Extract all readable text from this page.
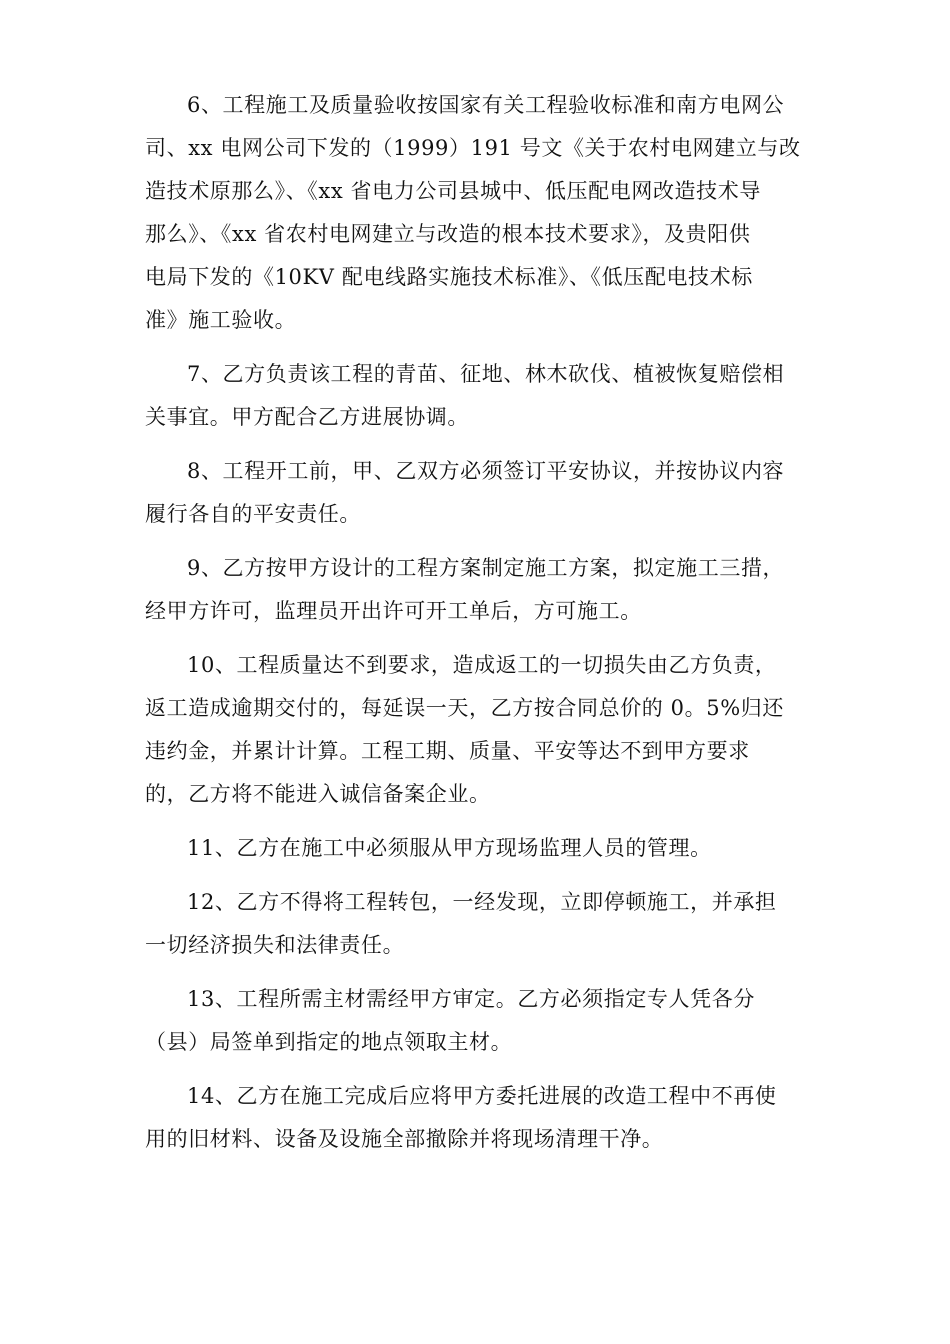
6、工程施工及质量验收按国家有关工程验收标准和南方电网公
司、xx 电网公司下发的（1999）191 号文《关于农村电网建立与改
造技术原那么》、《xx 省电力公司县城中、低压配电网改造技术导
那么》、《xx 省农村电网建立与改造的根本技术要求》，及贵阳供
电局下发的《10KV 配电线路实施技术标准》、《低压配电技术标
准》施工验收。

7、乙方负责该工程的青苗、征地、林木砍伐、植被恢复赔偿相
关事宜。甲方配合乙方进展协调。

8、工程开工前，甲、乙双方必须签订平安协议，并按协议内容
履行各自的平安责任。

9、乙方按甲方设计的工程方案制定施工方案，拟定施工三措，
经甲方许可，监理员开出许可开工单后，方可施工。

10、工程质量达不到要求，造成返工的一切损失由乙方负责，
返工造成逾期交付的，每延误一天，乙方按合同总价的 0。5%归还
违约金，并累计计算。工程工期、质量、平安等达不到甲方要求
的，乙方将不能进入诚信备案企业。

11、乙方在施工中必须服从甲方现场监理人员的管理。

12、乙方不得将工程转包，一经发现，立即停顿施工，并承担
一切经济损失和法律责任。

13、工程所需主材需经甲方审定。乙方必须指定专人凭各分
（县）局签单到指定的地点领取主材。

14、乙方在施工完成后应将甲方委托进展的改造工程中不再使
用的旧材料、设备及设施全部撤除并将现场清理干净。
